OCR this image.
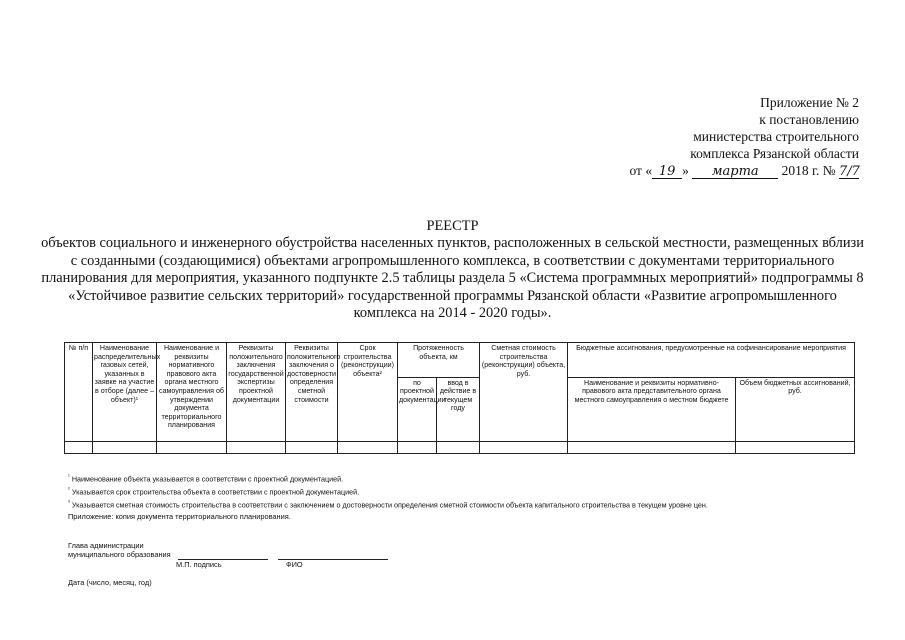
Приложение № 2
к постановлению
министерства строительного
комплекса Рязанской области
от « 19 » марта 2018 г. № 7/7
РЕЕСТР
объектов социального и инженерного обустройства населенных пунктов, расположенных в сельской местности, размещенных вблизи с созданными (создающимися) объектами агропромышленного комплекса, в соответствии с документами территориального планирования для мероприятия, указанного подпункте 2.5 таблицы раздела 5 «Система программных мероприятий» подпрограммы 8 «Устойчивое развитие сельских территорий» государственной программы Рязанской области «Развитие агропромышленного комплекса на 2014 - 2020 годы».
№ п/п	Наименование распределительных газовых сетей, указанных в заявке на участие в отборе (далее – объект)¹	Наименование и реквизиты нормативного правового акта органа местного самоуправления об утверждении документа территориального планирования	Реквизиты положительного заключения государственной экспертизы проектной документации	Реквизиты положительного заключения о достоверности определения сметной стоимости	Срок строительства (реконструкции) объекта²	Протяженность объекта, км		Сметная стоимость строительства (реконструкции) объекта, руб.	Бюджетные ассигнования, предусмотренные на софинансирование мероприятия	
						по проектной документации	ввод в действие в текущем году		Наименование и реквизиты нормативно-правового акта представительного органа местного самоуправления о местном бюджете	Объем бюджетных ассигнований, руб.

$^{^1}$ Наименование объекта указывается в соответствии с проектной документацией.
$^{^2}$ Указывается срок строительства объекта в соответствии с проектной документацией.
$^{^3}$ Указывается сметная стоимость строительства в соответствии с заключением о достоверности определения сметной стоимости объекта капитального строительства в текущем уровне цен.
Приложение: копия документа территориального планирования.
Глава администрации
муниципального образования
М.П. подпись	ФИО
Дата (число, месяц, год)
